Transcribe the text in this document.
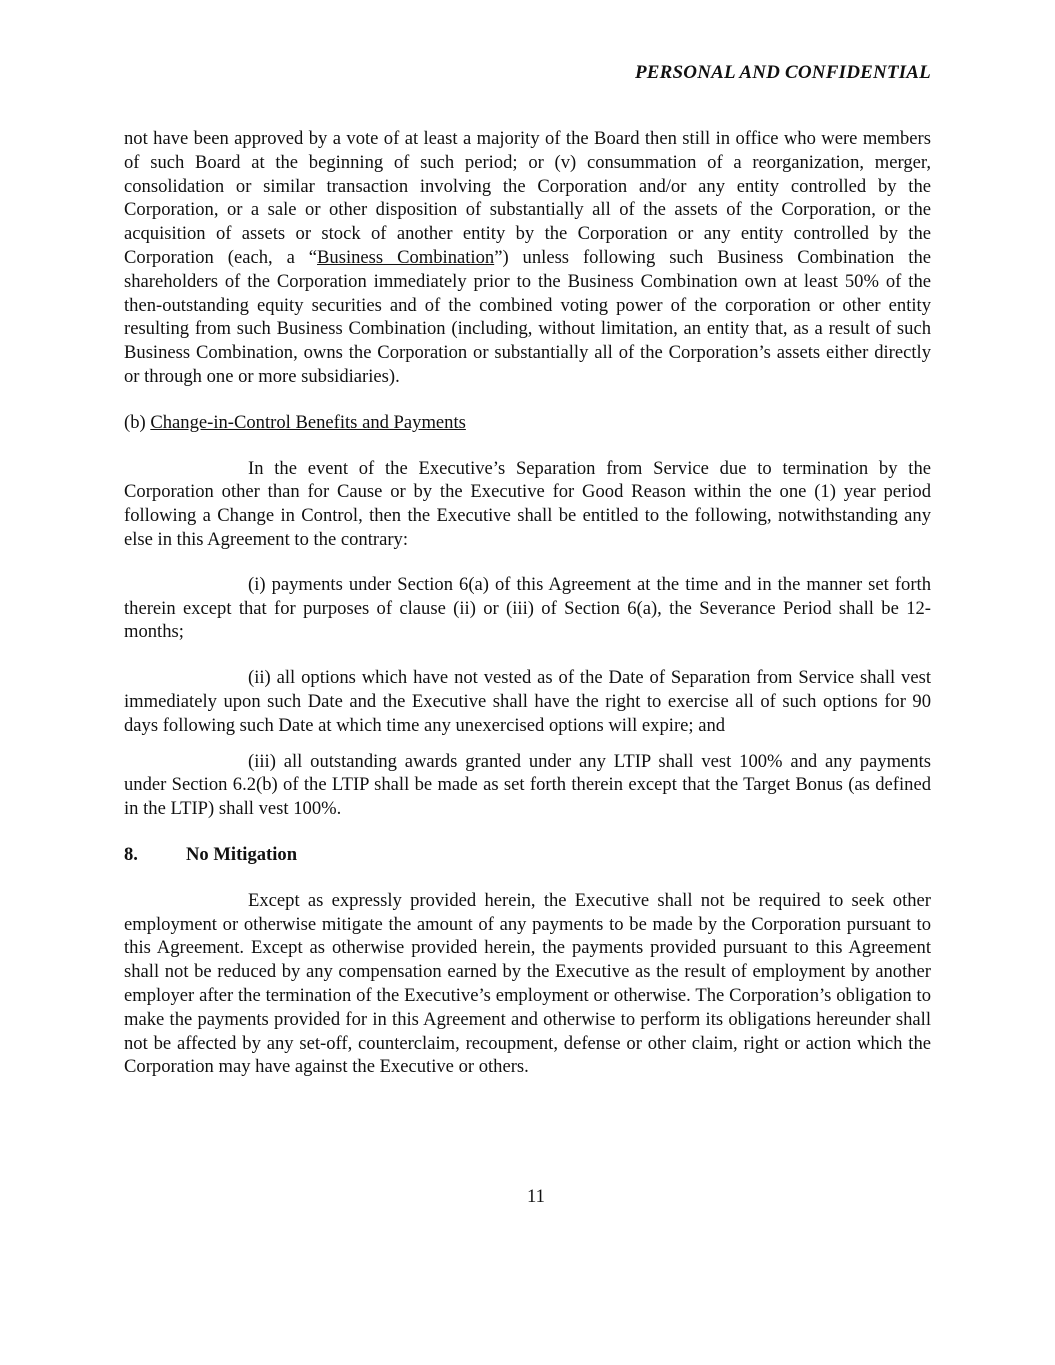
PERSONAL AND CONFIDENTIAL

not have been approved by a vote of at least a majority of the Board then still in office who were members of such Board at the beginning of such period; or (v) consummation of a reorganization, merger, consolidation or similar transaction involving the Corporation and/or any entity controlled by the Corporation, or a sale or other disposition of substantially all of the assets of the Corporation, or the acquisition of assets or stock of another entity by the Corporation or any entity controlled by the Corporation (each, a “Business Combination”) unless following such Business Combination the shareholders of the Corporation immediately prior to the Business Combination own at least 50% of the then-outstanding equity securities and of the combined voting power of the corporation or other entity resulting from such Business Combination (including, without limitation, an entity that, as a result of such Business Combination, owns the Corporation or substantially all of the Corporation’s assets either directly or through one or more subsidiaries).

(b) Change-in-Control Benefits and Payments

In the event of the Executive’s Separation from Service due to termination by the Corporation other than for Cause or by the Executive for Good Reason within the one (1) year period following a Change in Control, then the Executive shall be entitled to the following, notwithstanding any else in this Agreement to the contrary:

(i) payments under Section 6(a) of this Agreement at the time and in the manner set forth therein except that for purposes of clause (ii) or (iii) of Section 6(a), the Severance Period shall be 12-months;

(ii) all options which have not vested as of the Date of Separation from Service shall vest immediately upon such Date and the Executive shall have the right to exercise all of such options for 90 days following such Date at which time any unexercised options will expire; and

(iii) all outstanding awards granted under any LTIP shall vest 100% and any payments under Section 6.2(b) of the LTIP shall be made as set forth therein except that the Target Bonus (as defined in the LTIP) shall vest 100%.

8.	No Mitigation

Except as expressly provided herein, the Executive shall not be required to seek other employment or otherwise mitigate the amount of any payments to be made by the Corporation pursuant to this Agreement. Except as otherwise provided herein, the payments provided pursuant to this Agreement shall not be reduced by any compensation earned by the Executive as the result of employment by another employer after the termination of the Executive’s employment or otherwise. The Corporation’s obligation to make the payments provided for in this Agreement and otherwise to perform its obligations hereunder shall not be affected by any set-off, counterclaim, recoupment, defense or other claim, right or action which the Corporation may have against the Executive or others.

11
